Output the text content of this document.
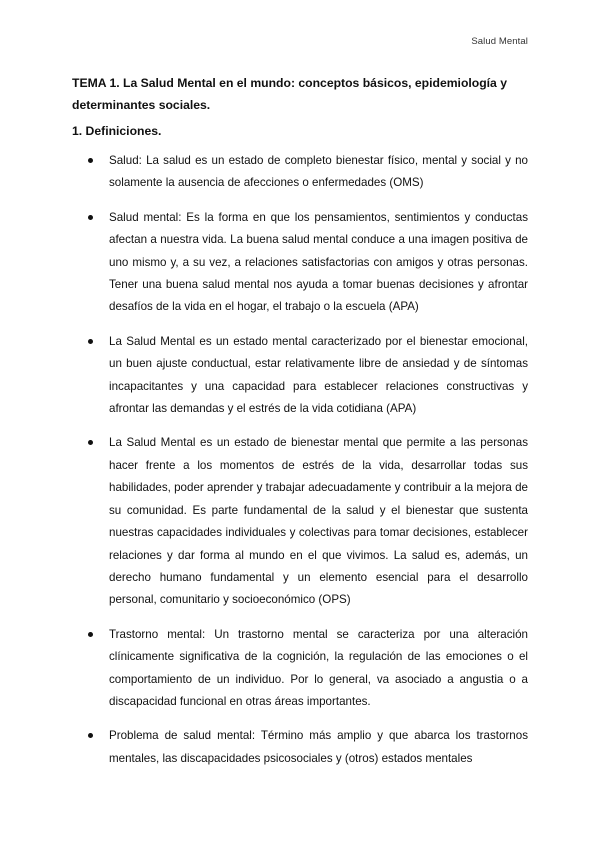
Salud Mental
TEMA 1. La Salud Mental en el mundo: conceptos básicos, epidemiología y determinantes sociales.
1. Definiciones.
Salud: La salud es un estado de completo bienestar físico, mental y social y no solamente la ausencia de afecciones o enfermedades (OMS)
Salud mental: Es la forma en que los pensamientos, sentimientos y conductas afectan a nuestra vida. La buena salud mental conduce a una imagen positiva de uno mismo y, a su vez, a relaciones satisfactorias con amigos y otras personas. Tener una buena salud mental nos ayuda a tomar buenas decisiones y afrontar desafíos de la vida en el hogar, el trabajo o la escuela (APA)
La Salud Mental es un estado mental caracterizado por el bienestar emocional, un buen ajuste conductual, estar relativamente libre de ansiedad y de síntomas incapacitantes y una capacidad para establecer relaciones constructivas y afrontar las demandas y el estrés de la vida cotidiana (APA)
La Salud Mental es un estado de bienestar mental que permite a las personas hacer frente a los momentos de estrés de la vida, desarrollar todas sus habilidades, poder aprender y trabajar adecuadamente y contribuir a la mejora de su comunidad. Es parte fundamental de la salud y el bienestar que sustenta nuestras capacidades individuales y colectivas para tomar decisiones, establecer relaciones y dar forma al mundo en el que vivimos. La salud es, además, un derecho humano fundamental y un elemento esencial para el desarrollo personal, comunitario y socioeconómico (OPS)
Trastorno mental: Un trastorno mental se caracteriza por una alteración clínicamente significativa de la cognición, la regulación de las emociones o el comportamiento de un individuo. Por lo general, va asociado a angustia o a discapacidad funcional en otras áreas importantes.
Problema de salud mental: Término más amplio y que abarca los trastornos mentales, las discapacidades psicosociales y (otros) estados mentales
